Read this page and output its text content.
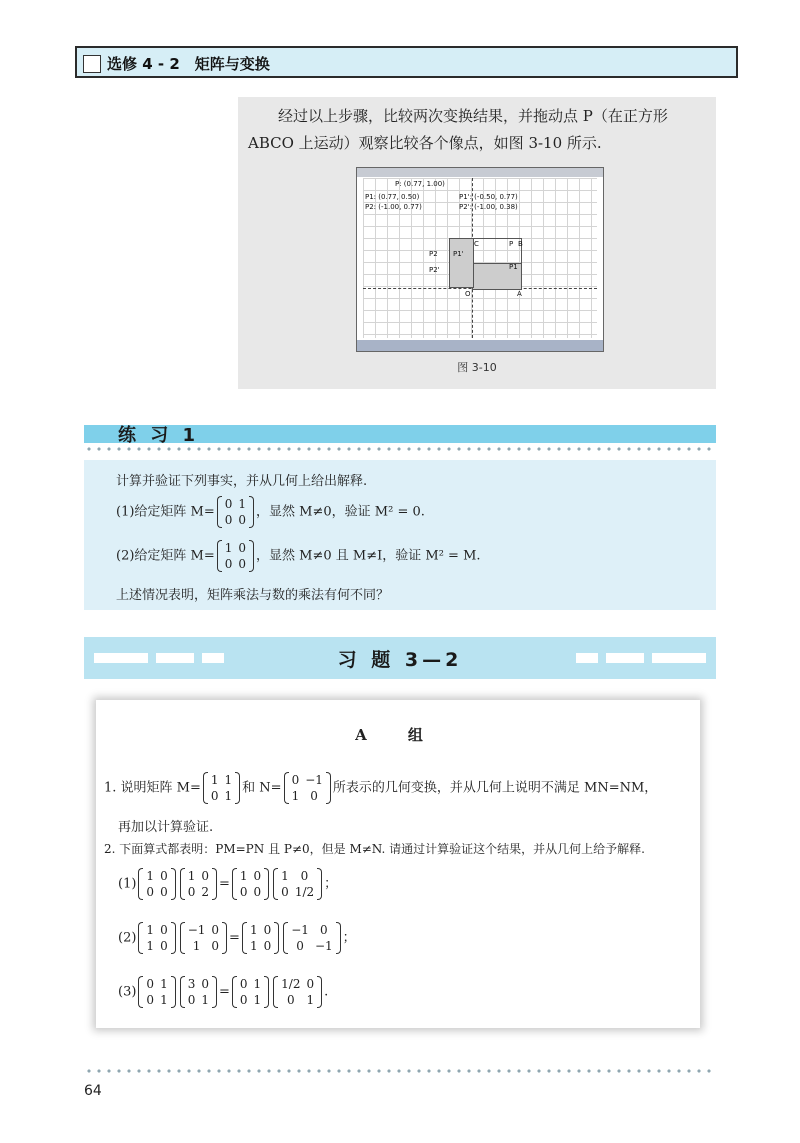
选修 4 - 2　矩阵与变换
经过以上步骤，比较两次变换结果，并拖动点 P（在正方形 ABCO 上运动）观察比较各个像点，如图 3-10 所示.
P: (0.77, 1.00)
P1: (0.77, 0.50)	P1': (-0.50, 0.77)
P2: (-1.00, 0.77)	P2': (-1.00, 0.38)
C	P B
P1
P1'
P2
P2'
O	A
图 3-10
练 习 1
计算并验证下列事实，并从几何上给出解释.
(1)给定矩阵 M=
0	1
0	0
，显然 M≠0，验证 M² = 0.
(2)给定矩阵 M=
1	0
0	0
，显然 M≠0 且 M≠I，验证 M² = M.
上述情况表明，矩阵乘法与数的乘法有何不同？
习 题 3—2
A 组
1. 说明矩阵 M=
1	1
0	1
和 N=
0	−1
1	0
所表示的几何变换，并从几何上说明不满足 MN=NM，
再加以计算验证.
2. 下面算式都表明：PM=PN 且 P≠0，但是 M≠N. 请通过计算验证这个结果，并从几何上给予解释.
(1)
1	0
0	0
1	0
0	2
=
1	0
0	0
1	0
0	1/2
；
(2)
1	0
1	0
−1	0
1	0
=
1	0
1	0
−1	0
0	−1
；
(3)
0	1
0	1
3	0
0	1
=
0	1
0	1
1/2	0
0	1
.
64
